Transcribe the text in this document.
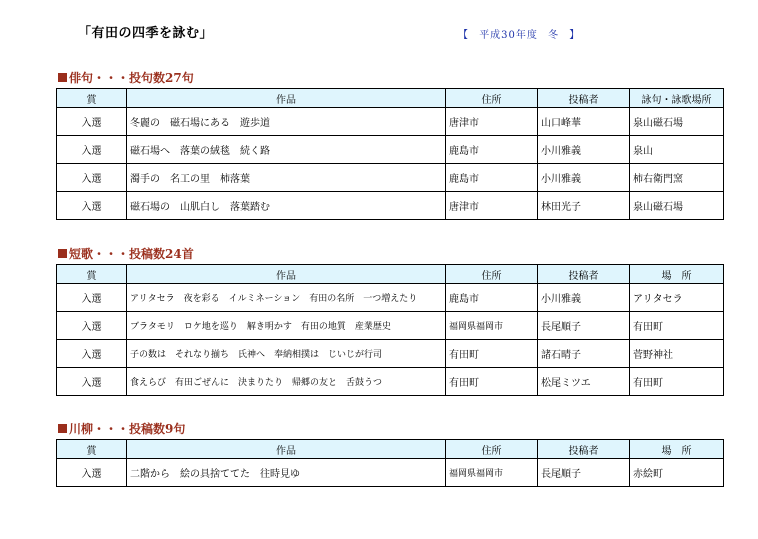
「有田の四季を詠む」	【 平成30年度 冬 】
俳句・・・投句数27句
賞	作品	住所	投稿者	詠句・詠歌場所
入選	冬麗の　磁石場にある　遊歩道	唐津市	山口峰華	泉山磁石場
入選	磁石場へ　落葉の絨毯　続く路	鹿島市	小川雅義	泉山
入選	濁手の　名工の里　柿落葉	鹿島市	小川雅義	柿右衛門窯
入選	磁石場の　山肌白し　落葉踏む	唐津市	林田光子	泉山磁石場
短歌・・・投稿数24首
賞	作品	住所	投稿者	場　所
入選	アリタセラ　夜を彩る　イルミネーション　有田の名所　一つ増えたり	鹿島市	小川雅義	アリタセラ
入選	ブラタモリ　ロケ地を巡り　解き明かす　有田の地質　産業歴史	福岡県福岡市	長尾順子	有田町
入選	子の数は　それなり揃ち　氏神へ　奉納相撲は　じいじが行司	有田町	諸石晴子	菅野神社
入選	食えらび　有田ごぜんに　決まりたり　帰郷の友と　舌鼓うつ	有田町	松尾ミツエ	有田町
川柳・・・投稿数9句
賞	作品	住所	投稿者	場　所
入選	二階から　絵の具捨ててた　往時見ゆ	福岡県福岡市	長尾順子	赤絵町
